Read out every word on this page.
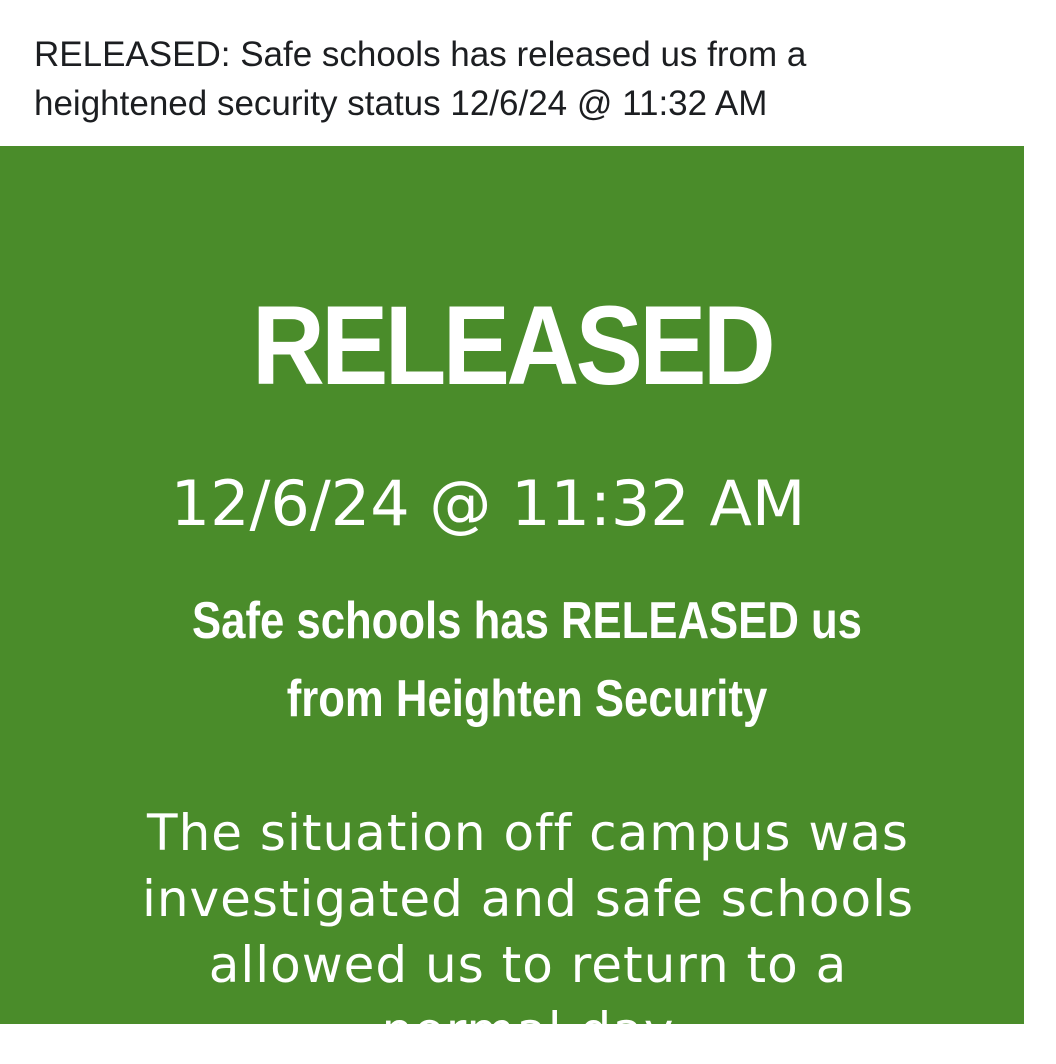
RELEASED: Safe schools has released us from a
heightened security status 12/6/24 @ 11:32 AM

RELEASED
12/6/24 @ 11:32 AM
Safe schools has RELEASED us
from Heighten Security
The situation off campus was
investigated and safe schools
allowed us to return to a
normal day
